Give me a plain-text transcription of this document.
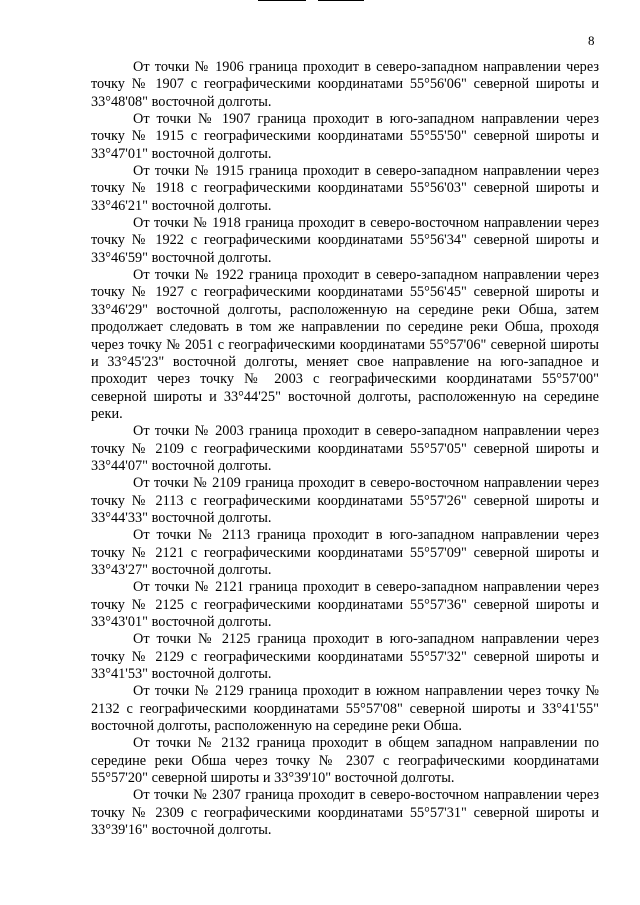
8

От точки № 1906 граница проходит в северо-западном направлении через точку № 1907 с географическими координатами 55°56'06" северной широты и 33°48'08" восточной долготы.

От точки № 1907 граница проходит в юго-западном направлении через точку № 1915 с географическими координатами 55°55'50" северной широты и 33°47'01" восточной долготы.

От точки № 1915 граница проходит в северо-западном направлении через точку № 1918 с географическими координатами 55°56'03" северной широты и 33°46'21" восточной долготы.

От точки № 1918 граница проходит в северо-восточном направлении через точку № 1922 с географическими координатами 55°56'34" северной широты и 33°46'59" восточной долготы.

От точки № 1922 граница проходит в северо-западном направлении через точку № 1927 с географическими координатами 55°56'45" северной широты и 33°46'29" восточной долготы, расположенную на середине реки Обша, затем продолжает следовать в том же направлении по середине реки Обша, проходя через точку № 2051 с географическими координатами 55°57'06" северной широты и 33°45'23" восточной долготы, меняет свое направление на юго-западное и проходит через точку № 2003 с географическими координатами 55°57'00" северной широты и 33°44'25" восточной долготы, расположенную на середине реки.

От точки № 2003 граница проходит в северо-западном направлении через точку № 2109 с географическими координатами 55°57'05" северной широты и 33°44'07" восточной долготы.

От точки № 2109 граница проходит в северо-восточном направлении через точку № 2113 с географическими координатами 55°57'26" северной широты и 33°44'33" восточной долготы.

От точки № 2113 граница проходит в юго-западном направлении через точку № 2121 с географическими координатами 55°57'09" северной широты и 33°43'27" восточной долготы.

От точки № 2121 граница проходит в северо-западном направлении через точку № 2125 с географическими координатами 55°57'36" северной широты и 33°43'01" восточной долготы.

От точки № 2125 граница проходит в юго-западном направлении через точку № 2129 с географическими координатами 55°57'32" северной широты и 33°41'53" восточной долготы.

От точки № 2129 граница проходит в южном направлении через точку № 2132 с географическими координатами 55°57'08" северной широты и 33°41'55" восточной долготы, расположенную на середине реки Обша.

От точки № 2132 граница проходит в общем западном направлении по середине реки Обша через точку № 2307 с географическими координатами 55°57'20" северной широты и 33°39'10" восточной долготы.

От точки № 2307 граница проходит в северо-восточном направлении через точку № 2309 с географическими координатами 55°57'31" северной широты и 33°39'16" восточной долготы.
